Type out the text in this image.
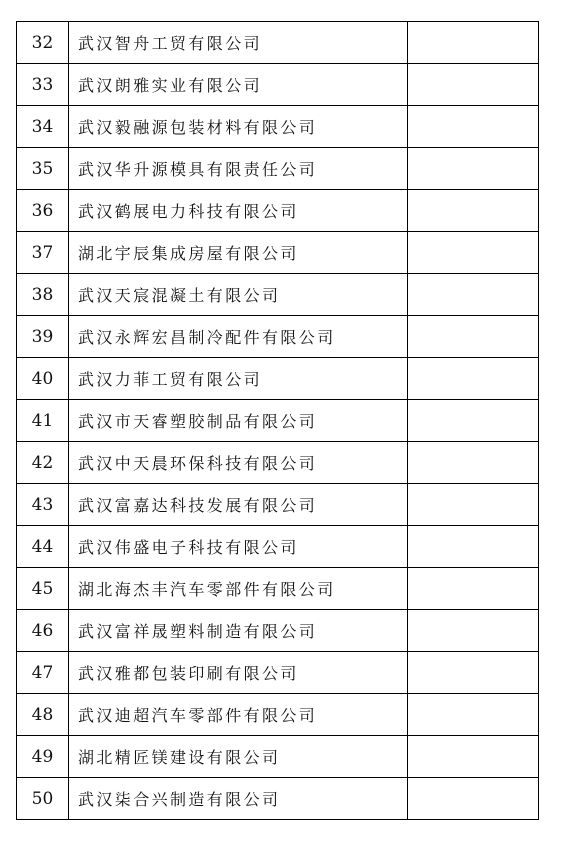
32	武汉智舟工贸有限公司	
33	武汉朗雅实业有限公司	
34	武汉毅融源包装材料有限公司	
35	武汉华升源模具有限责任公司	
36	武汉鹤展电力科技有限公司	
37	湖北宇辰集成房屋有限公司	
38	武汉天宸混凝土有限公司	
39	武汉永辉宏昌制冷配件有限公司	
40	武汉力菲工贸有限公司	
41	武汉市天睿塑胶制品有限公司	
42	武汉中天晨环保科技有限公司	
43	武汉富嘉达科技发展有限公司	
44	武汉伟盛电子科技有限公司	
45	湖北海杰丰汽车零部件有限公司	
46	武汉富祥晟塑料制造有限公司	
47	武汉雅都包装印刷有限公司	
48	武汉迪超汽车零部件有限公司	
49	湖北精匠镁建设有限公司	
50	武汉柒合兴制造有限公司	
